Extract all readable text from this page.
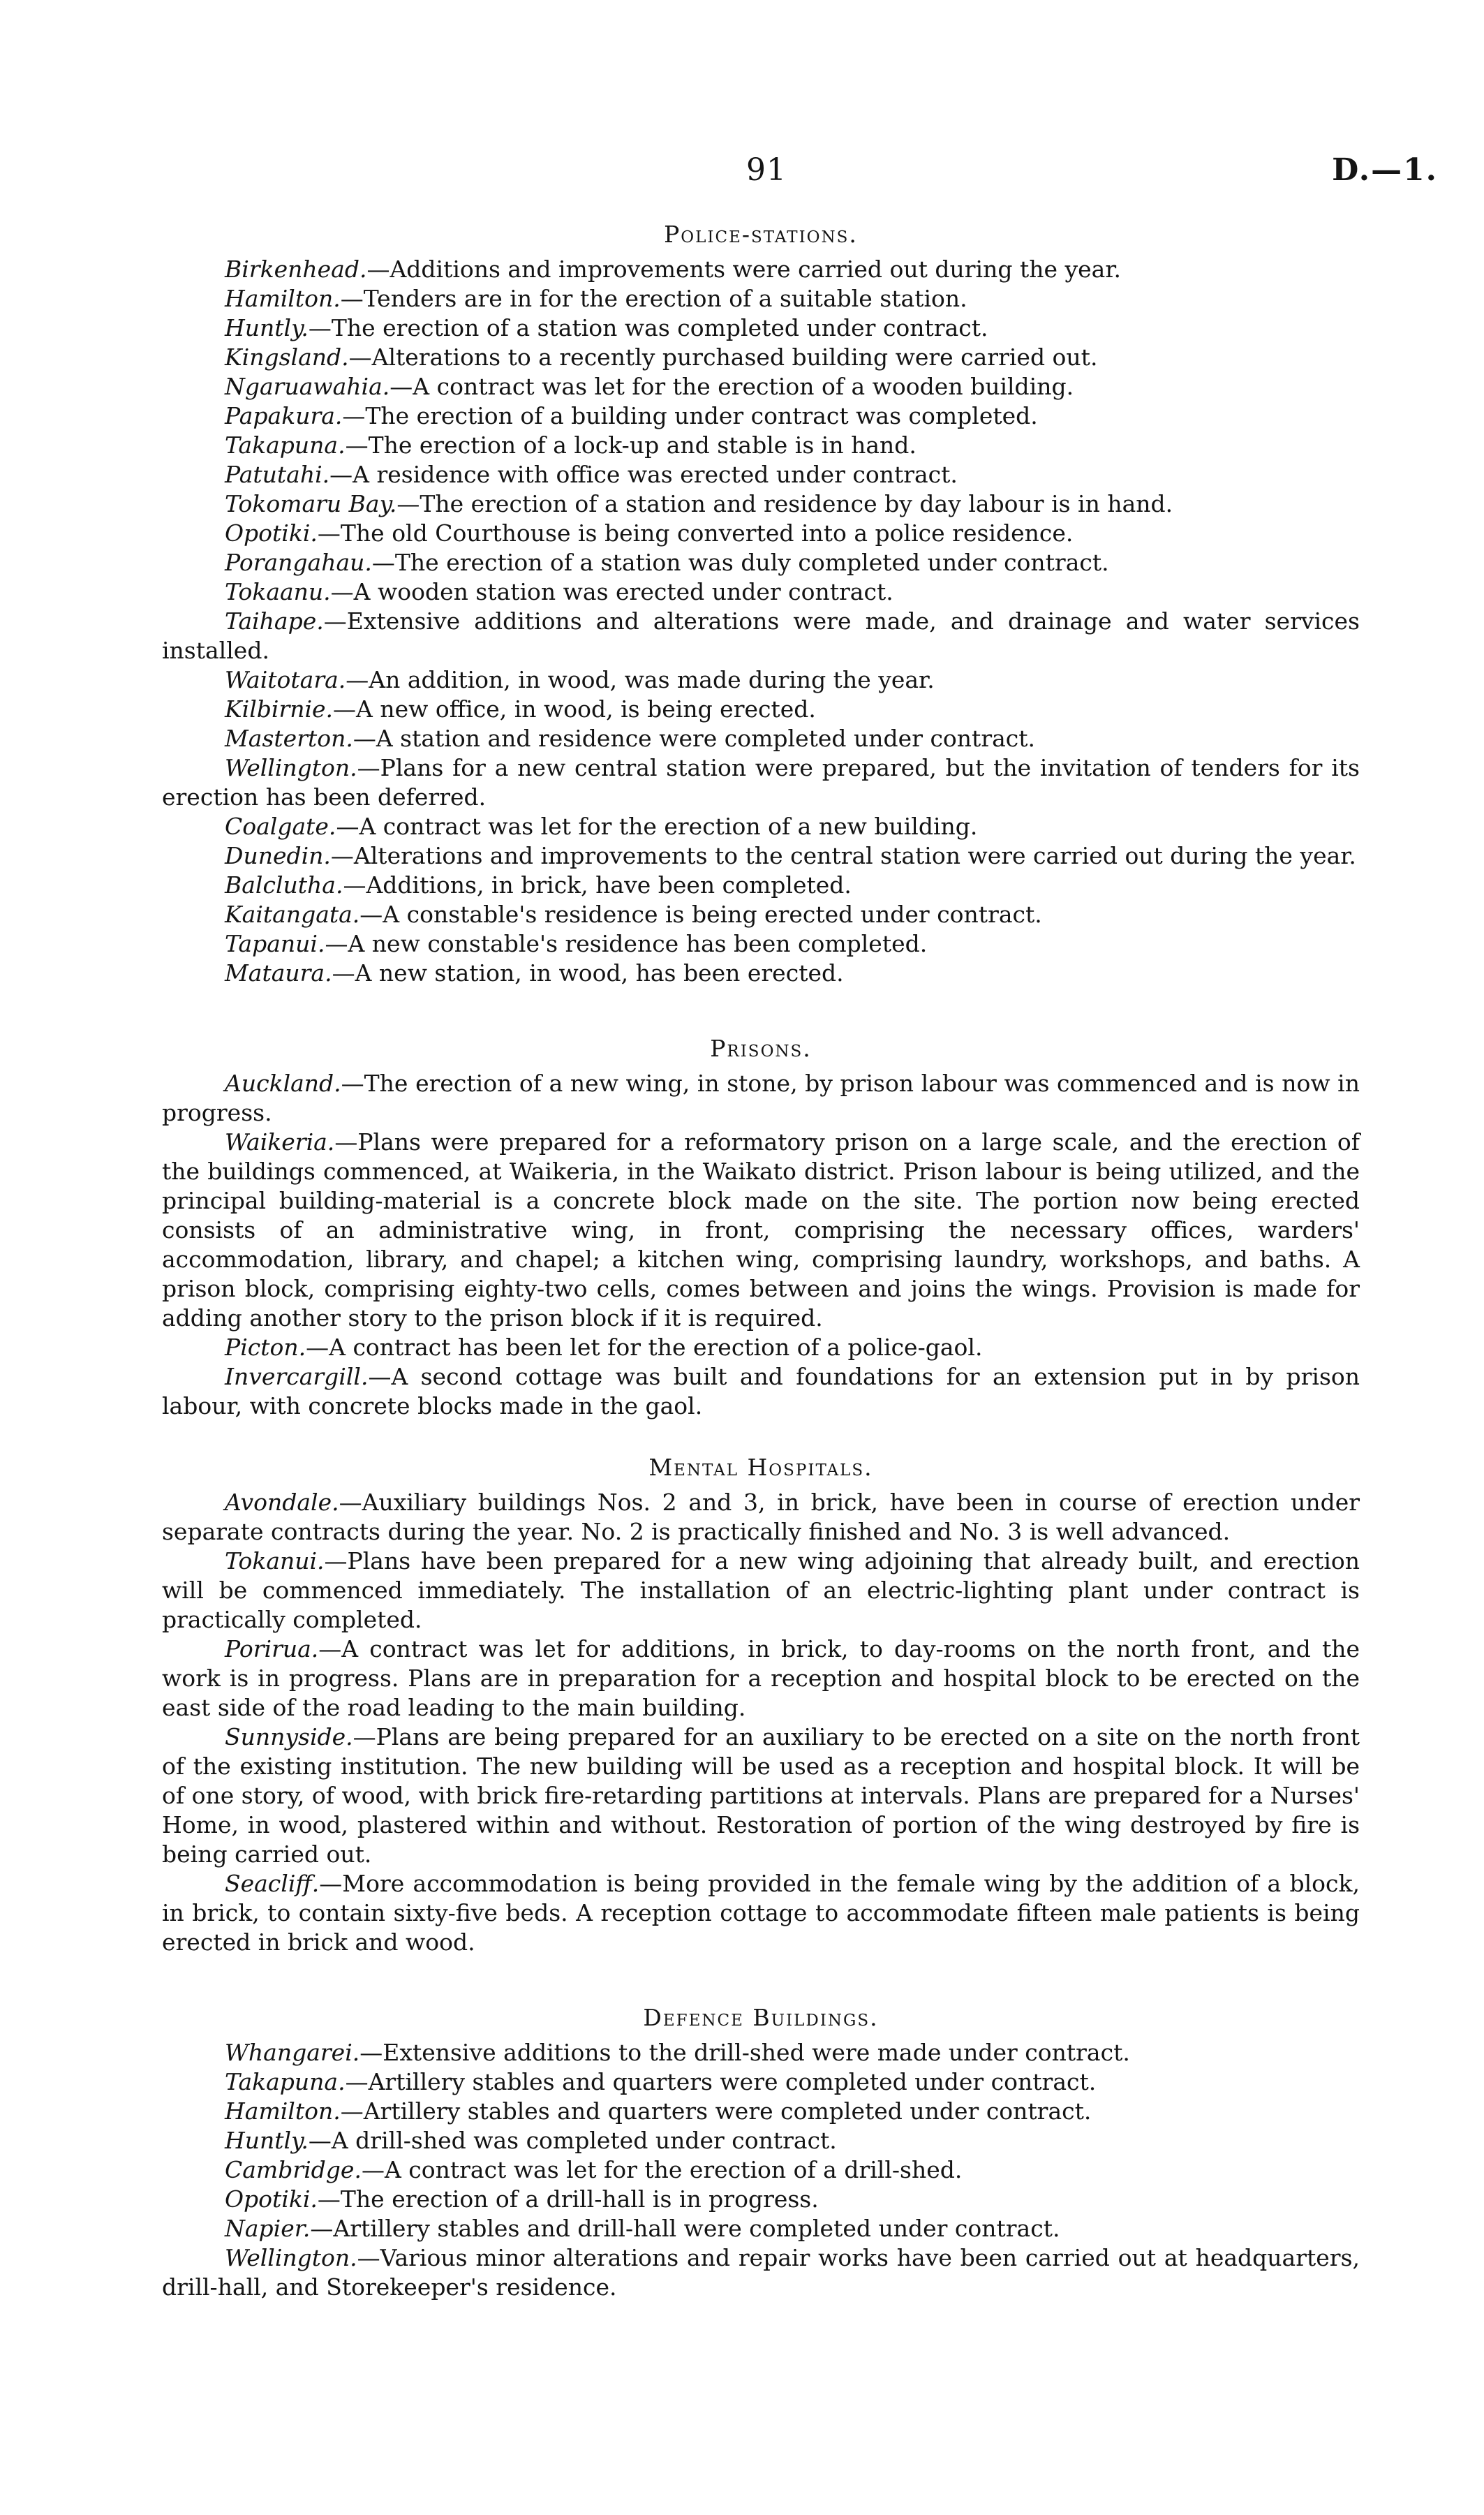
91	D.—1.
Police-stations.

Birkenhead.—Additions and improvements were carried out during the year.

Hamilton.—Tenders are in for the erection of a suitable station.

Huntly.—The erection of a station was completed under contract.

Kingsland.—Alterations to a recently purchased building were carried out.

Ngaruawahia.—A contract was let for the erection of a wooden building.

Papakura.—The erection of a building under contract was completed.

Takapuna.—The erection of a lock-up and stable is in hand.

Patutahi.—A residence with office was erected under contract.

Tokomaru Bay.—The erection of a station and residence by day labour is in hand.

Opotiki.—The old Courthouse is being converted into a police residence.

Porangahau.—The erection of a station was duly completed under contract.

Tokaanu.—A wooden station was erected under contract.

Taihape.—Extensive additions and alterations were made, and drainage and water services installed.

Waitotara.—An addition, in wood, was made during the year.

Kilbirnie.—A new office, in wood, is being erected.

Masterton.—A station and residence were completed under contract.

Wellington.—Plans for a new central station were prepared, but the invitation of tenders for its erection has been deferred.

Coalgate.—A contract was let for the erection of a new building.

Dunedin.—Alterations and improvements to the central station were carried out during the year.

Balclutha.—Additions, in brick, have been completed.

Kaitangata.—A constable's residence is being erected under contract.

Tapanui.—A new constable's residence has been completed.

Mataura.—A new station, in wood, has been erected.

Prisons.

Auckland.—The erection of a new wing, in stone, by prison labour was commenced and is now in progress.

Waikeria.—Plans were prepared for a reformatory prison on a large scale, and the erection of the buildings commenced, at Waikeria, in the Waikato district. Prison labour is being utilized, and the principal building-material is a concrete block made on the site. The portion now being erected consists of an administrative wing, in front, comprising the necessary offices, warders' accommodation, library, and chapel; a kitchen wing, comprising laundry, workshops, and baths. A prison block, comprising eighty-two cells, comes between and joins the wings. Provision is made for adding another story to the prison block if it is required.

Picton.—A contract has been let for the erection of a police-gaol.

Invercargill.—A second cottage was built and foundations for an extension put in by prison labour, with concrete blocks made in the gaol.

Mental Hospitals.

Avondale.—Auxiliary buildings Nos. 2 and 3, in brick, have been in course of erection under separate contracts during the year. No. 2 is practically finished and No. 3 is well advanced.

Tokanui.—Plans have been prepared for a new wing adjoining that already built, and erection will be commenced immediately. The installation of an electric-lighting plant under contract is practically completed.

Porirua.—A contract was let for additions, in brick, to day-rooms on the north front, and the work is in progress. Plans are in preparation for a reception and hospital block to be erected on the east side of the road leading to the main building.

Sunnyside.—Plans are being prepared for an auxiliary to be erected on a site on the north front of the existing institution. The new building will be used as a reception and hospital block. It will be of one story, of wood, with brick fire-retarding partitions at intervals. Plans are prepared for a Nurses' Home, in wood, plastered within and without. Restoration of portion of the wing destroyed by fire is being carried out.

Seacliff.—More accommodation is being provided in the female wing by the addition of a block, in brick, to contain sixty-five beds. A reception cottage to accommodate fifteen male patients is being erected in brick and wood.

Defence Buildings.

Whangarei.—Extensive additions to the drill-shed were made under contract.

Takapuna.—Artillery stables and quarters were completed under contract.

Hamilton.—Artillery stables and quarters were completed under contract.

Huntly.—A drill-shed was completed under contract.

Cambridge.—A contract was let for the erection of a drill-shed.

Opotiki.—The erection of a drill-hall is in progress.

Napier.—Artillery stables and drill-hall were completed under contract.

Wellington.—Various minor alterations and repair works have been carried out at headquarters, drill-hall, and Storekeeper's residence.
